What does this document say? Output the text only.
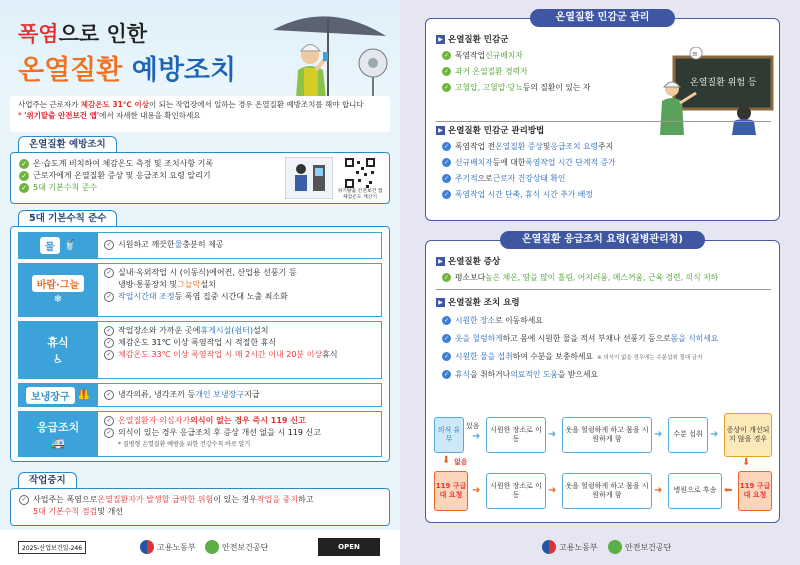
폭염으로 인한
온열질환 예방조치

사업주는 근로자가 체감온도 31℃ 이상이 되는 작업장에서 일하는 경우 온열질환 예방조치를 해야 합니다

* '위기탈출 안전보건 앱'에서 자세한 내용을 확인하세요

온열질환 예방조치
✓ 온·습도계 비치하여 체감온도 측정 및 조치사항 기록
✓ 근로자에게 온열질환 증상 및 응급조치 요령 알리기
✓ 5대 기본수칙 준수	위기탈출 안전보건 앱 체감온도 계산기
5대 기본수칙 준수
물 🥤	✓ 시원하고 깨끗한 물 충분히 제공
바람·그늘
❄
✓ 실내·옥외작업 시 (이동식)에어컨, 산업용 선풍기 등
냉방·통풍장치 및 그늘막 설치
✓ 작업시간대 조정 등 폭염 집중 시간대 노출 최소화
휴식
♿
✓ 작업장소와 가까운 곳에 휴게시설(쉼터) 설치
✓ 체감온도 31℃ 이상 폭염작업 시 적절한 휴식
✓ 체감온도 33℃ 이상 폭염작업 시 매 2시간 이내 20분 이상 휴식
보냉장구 🦺	✓ 냉각의류, 냉각조끼 등 개인 보냉장구 지급
응급조치
🚑
✓ 온열질환자·의심자가 의식이 없는 경우 즉시 119 신고
✓ 의식이 있는 경우 응급조치 후 증상 개선 없을 시 119 신고
* 질병형 온열질환 예방을 위한 건강수칙 바로 알기
작업중지
✓ 사업주는 폭염으로 온열질환자가 발생할 급박한 위험 이 있는 경우 작업을 중지 하고
5대 기본수칙 점검 및 개선
2025-산업보건일-246	고용노동부	안전보건공단	OPEN
▶ 온열질환 민감군
✓ 폭염작업 신규배치자
✓ 과거 온열질환 경력자
✓ 고혈압, 고혈압·당뇨 등의 질환이 있는 자	온열질환 위험 등
≡
▶ 온열질환 민감군 관리방법
✓ 폭염작업 전 온열질환 증상 및 응급조치 요령 주지
✓ 신규배치자 등에 대한 폭염작업 시간 단계적 증가
✓ 주기적 으로 근로자 건강상태 확인
✓ 폭염작업 시간 단축, 휴식 시간 추가 배정
온열질환 민감군 관리
▶ 온열질환 증상
✓ 평소보다 높은 체온, 땀을 많이 흘림, 어지러움, 메스꺼움, 근육 경련, 의식 저하
▶ 온열질환 조치 요령
✓ 시원한 장소 로 이동하세요
✓ 옷을 헐렁하게 하고 몸에 시원한 물을 적셔 부채나 선풍기 등으로 몸을 식히세요
✓ 시원한 물을 섭취 하여 수분을 보충하세요 ※ 의식이 없을 경우에는 수분섭취 절대 금지
✓ 휴식 을 취하거나 의료적인 도움 을 받으세요
의식 유무
있음
➜
시원한 장소로 이동	➜	옷을 헐렁하게 하고 몸을 시원하게 함	➜	수분 섭취 ➜	증상이 개선되지 않을 경우
⬇ 없음	⬇
119 구급대 요청 ➜	시원한 장소로 이동	➜	옷을 헐렁하게 하고 몸을 시원하게 함	➜	병원으로 후송 ⬅ 119 구급대 요청
온열질환 응급조치 요령(질병관리청)
고용노동부	안전보건공단
